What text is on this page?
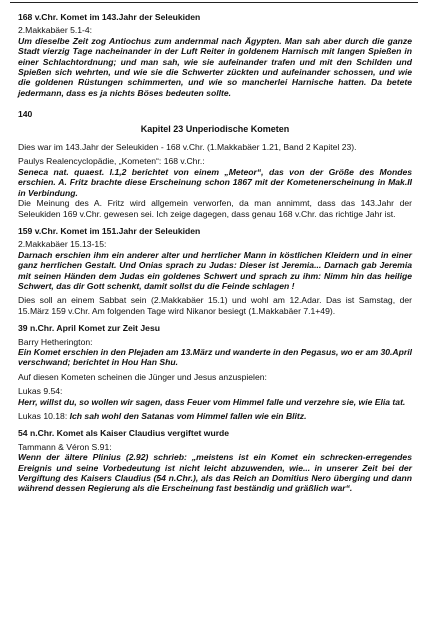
168 v.Chr. Komet im 143.Jahr der Seleukiden
2.Makkabäer 5.1-4:
Um dieselbe Zeit zog Antiochus zum andernmal nach Ägypten. Man sah aber durch die ganze Stadt vierzig Tage nacheinander in der Luft Reiter in goldenem Harnisch mit langen Spießen in einer Schlachtordnung; und man sah, wie sie aufeinander trafen und mit den Schilden und Spießen sich wehrten, und wie sie die Schwerter zückten und aufeinander schossen, und wie die goldenen Rüstungen schimmerten, und wie so mancherlei Harnische hatten. Da betete jedermann, dass es ja nichts Böses bedeuten sollte.
140
Kapitel 23 Unperiodische Kometen
Dies war im 143.Jahr der Seleukiden - 168 v.Chr. (1.Makkabäer 1.21, Band 2 Kapitel 23).
Paulys Realencyclopädie, „Kometen“: 168 v.Chr.:
Seneca nat. quaest. I.1,2 berichtet von einem „Meteor“, das von der Größe des Mondes erschien. A. Fritz brachte diese Erscheinung schon 1867 mit der Kometenerscheinung in Mak.II in Verbindung.
Die Meinung des A. Fritz wird allgemein verworfen, da man annimmt, dass das 143.Jahr der Seleukiden 169 v.Chr. gewesen sei. Ich zeige dagegen, dass genau 168 v.Chr. das richtige Jahr ist.
159 v.Chr. Komet im 151.Jahr der Seleukiden
2.Makkabäer 15.13-15:
Darnach erschien ihm ein anderer alter und herrlicher Mann in köstlichen Kleidern und in einer ganz herrlichen Gestalt. Und Onias sprach zu Judas: Dieser ist Jeremia... Darnach gab Jeremia mit seinen Händen dem Judas ein goldenes Schwert und sprach zu ihm: Nimm hin das heilige Schwert, das dir Gott schenkt, damit sollst du die Feinde schlagen !
Dies soll an einem Sabbat sein (2.Makkabäer 15.1) und wohl am 12.Adar. Das ist Samstag, der 15.März 159 v.Chr. Am folgenden Tage wird Nikanor besiegt (1.Makkabäer 7.1+49).
39 n.Chr. April Komet zur Zeit Jesu
Barry Hetherington:
Ein Komet erschien in den Plejaden am 13.März und wanderte in den Pegasus, wo er am 30.April verschwand; berichtet in Hou Han Shu.
Auf diesen Kometen scheinen die Jünger und Jesus anzuspielen:
Lukas 9.54:
Herr, willst du, so wollen wir sagen, dass Feuer vom Himmel falle und verzehre sie, wie Elia tat.
Lukas 10.18: Ich sah wohl den Satanas vom Himmel fallen wie ein Blitz.
54 n.Chr. Komet als Kaiser Claudius vergiftet wurde
Tammann & Véron S.91:
Wenn der ältere Plinius (2.92) schrieb: „meistens ist ein Komet ein schrecken-erregendes Ereignis und seine Vorbedeutung ist nicht leicht abzuwenden, wie... in unserer Zeit bei der Vergiftung des Kaisers Claudius (54 n.Chr.), als das Reich an Domitius Nero überging und dann während dessen Regierung als die Erscheinung fast beständig und gräßlich war“.
